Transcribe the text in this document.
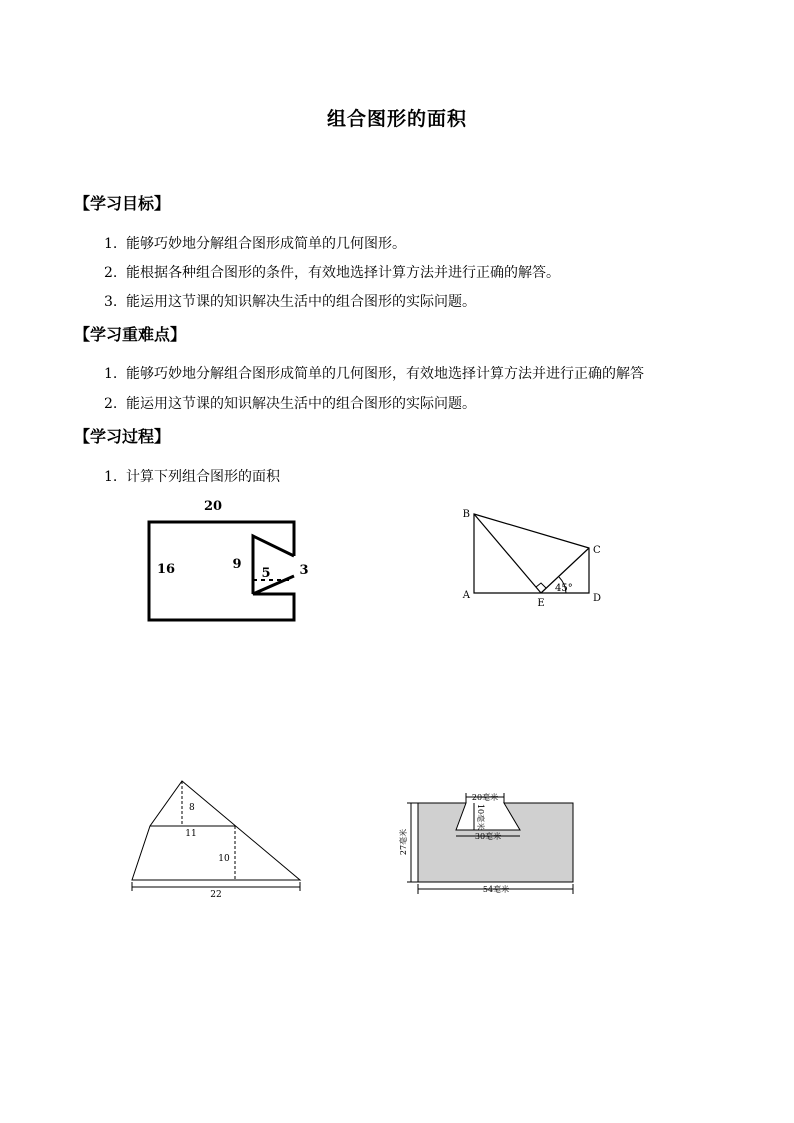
组合图形的面积
【学习目标】
1. 能够巧妙地分解组合图形成简单的几何图形。
2. 能根据各种组合图形的条件，有效地选择计算方法并进行正确的解答。
3. 能运用这节课的知识解决生活中的组合图形的实际问题。
【学习重难点】
1. 能够巧妙地分解组合图形成简单的几何图形，有效地选择计算方法并进行正确的解答
2. 能运用这节课的知识解决生活中的组合图形的实际问题。
【学习过程】
1. 计算下列组合图形的面积
20
16	9
5 3
B
C
A
E	D
45°
8
11
10
22
20毫米
10毫米
30毫米
27毫米
54毫米
